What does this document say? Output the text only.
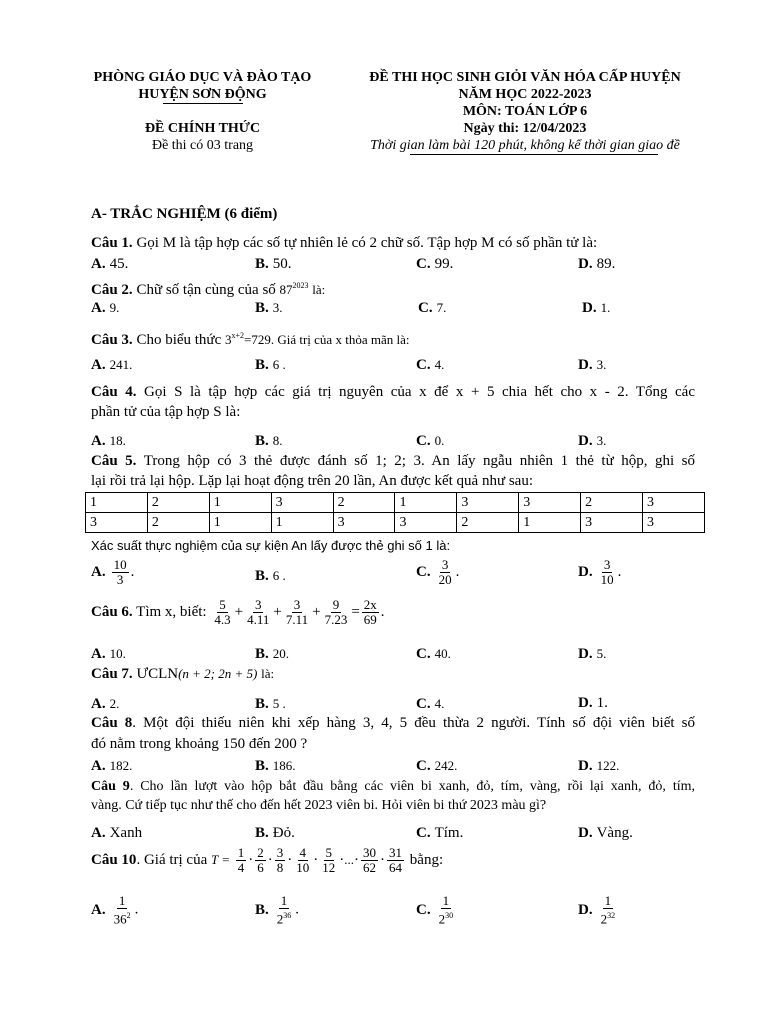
PHÒNG GIÁO DỤC VÀ ĐÀO TẠO
HUYỆN SƠN ĐỘNG
ĐỀ CHÍNH THỨC
Đề thi có 03 trang
ĐỀ THI HỌC SINH GIỎI VĂN HÓA CẤP HUYỆN
NĂM HỌC 2022-2023
MÔN: TOÁN LỚP 6
Ngày thi: 12/04/2023
Thời gian làm bài 120 phút, không kể thời gian giao đề
A- TRẮC NGHIỆM (6 điểm)
Câu 1. Gọi M là tập hợp các số tự nhiên lẻ có 2 chữ số. Tập hợp M có số phần tử là:
A. 45.	B. 50.	C. 99.	D. 89.
Câu 2. Chữ số tận cùng của số $87^{2023}$ là:
A. 9.	B. 3.	C. 7.	D. 1.
Câu 3. Cho biểu thức $3^{x+2}=729$. Giá trị của x thỏa mãn là:
A. 241.	B. 6 .	C. 4.	D. 3.
Câu 4. Gọi S là tập hợp các giá trị nguyên của x để x + 5 chia hết cho x - 2. Tổng các
phần tử của tập hợp S là:
A. 18.	B. 8.	C. 0.	D. 3.
Câu 5. Trong hộp có 3 thẻ được đánh số 1; 2; 3. An lấy ngẫu nhiên 1 thẻ từ hộp, ghi số
lại rồi trả lại hộp. Lặp lại hoạt động trên 20 lần, An được kết quả như sau:
1	2	1	3	2	1	3	3	2	3
3	2	1	1	3	3	2	1	3	3
Xác suất thực nghiệm của sự kiện An lấy được thẻ ghi số 1 là:
A. $\frac{10}{3}$ .	B. 6 .	C. $\frac{3}{20}$ .	D. $\frac{3}{10}$ .
Câu 6. Tìm x, biết: $\frac{5}{4.3} + \frac{3}{4.11} + \frac{3}{7.11} + \frac{9}{7.23} = \frac{2x}{69}$ .
A. 10.	B. 20.	C. 40.	D. 5.
Câu 7. ƯCLN(n + 2; 2n + 5) là:
A. 2.	B. 5 .	C. 4.	D. 1.
Câu 8. Một đội thiếu niên khi xếp hàng 3, 4, 5 đều thừa 2 người. Tính số đội viên biết số
đó nằm trong khoảng 150 đến 200 ?
A. 182.	B. 186.	C. 242.	D. 122.
Câu 9. Cho lần lượt vào hộp bắt đầu bằng các viên bi xanh, đỏ, tím, vàng, rồi lại xanh, đỏ, tím,
vàng. Cứ tiếp tục như thế cho đến hết 2023 viên bi. Hỏi viên bi thứ 2023 màu gì?
A. Xanh	B. Đỏ.	C. Tím.	D. Vàng.
Câu 10. Giá trị của $T = \frac{1}{4} \cdot \frac{2}{6} \cdot \frac{3}{8} \cdot \frac{4}{10} \cdot \frac{5}{12}$ ·...· $\frac{30}{62} \cdot \frac{31}{64}$ bằng:
A. $\frac{1}{36^2}$ .	B. $\frac{1}{2^{36}}$ .	C. $\frac{1}{2^{30}}$	D. $\frac{1}{2^{32}}$
